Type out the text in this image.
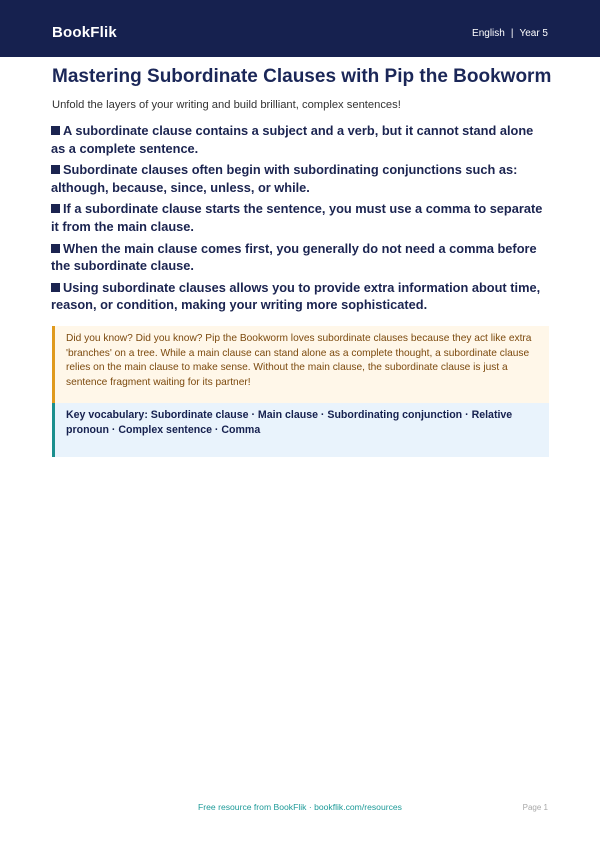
BookFlik	English | Year 5
Mastering Subordinate Clauses with Pip the Bookworm
Unfold the layers of your writing and build brilliant, complex sentences!
A subordinate clause contains a subject and a verb, but it cannot stand alone as a complete sentence.
Subordinate clauses often begin with subordinating conjunctions such as: although, because, since, unless, or while.
If a subordinate clause starts the sentence, you must use a comma to separate it from the main clause.
When the main clause comes first, you generally do not need a comma before the subordinate clause.
Using subordinate clauses allows you to provide extra information about time, reason, or condition, making your writing more sophisticated.
Did you know? Did you know? Pip the Bookworm loves subordinate clauses because they act like extra 'branches' on a tree. While a main clause can stand alone as a complete thought, a subordinate clause relies on the main clause to make sense. Without the main clause, the subordinate clause is just a sentence fragment waiting for its partner!
Key vocabulary: Subordinate clause · Main clause · Subordinating conjunction · Relative pronoun · Complex sentence · Comma
Free resource from BookFlik · bookflik.com/resources	Page 1
